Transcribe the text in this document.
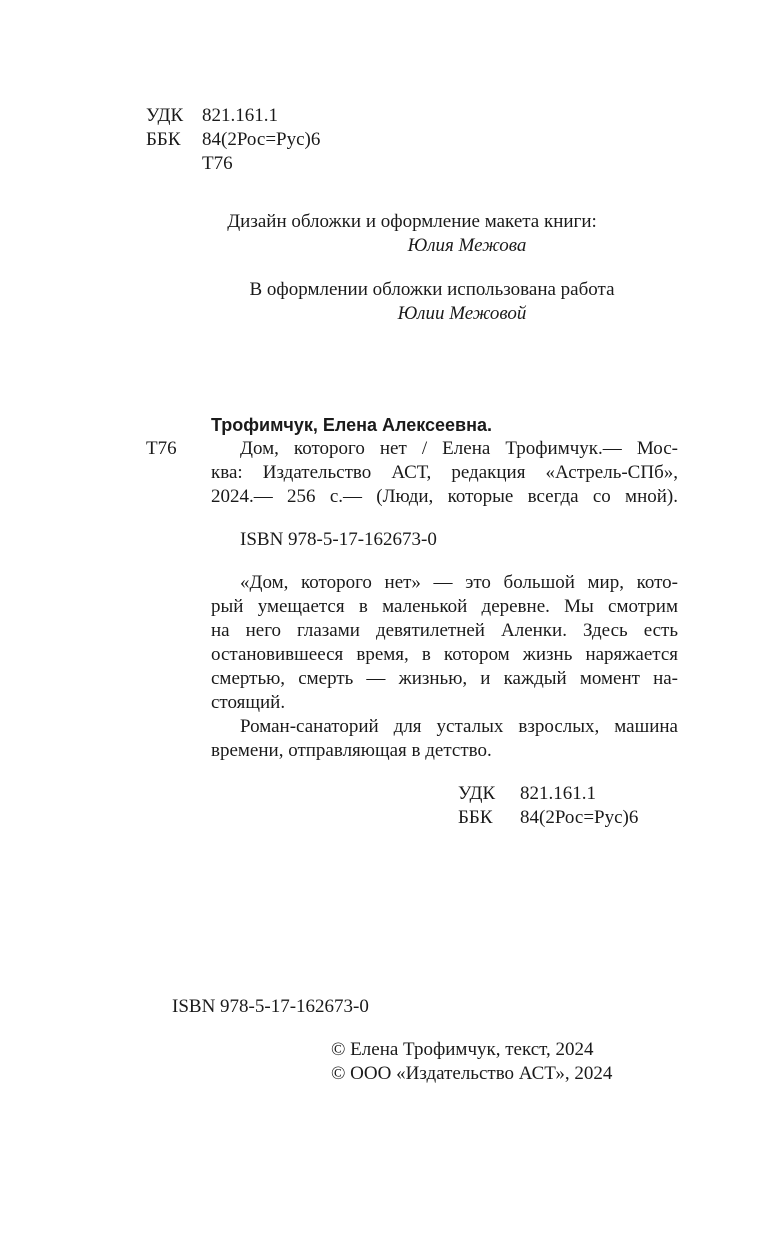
УДК 821.161.1
ББК 84(2Рос=Рус)6
Т76
Дизайн обложки и оформление макета книги:
Юлия Межова
В оформлении обложки использована работа
Юлии Межовой
Трофимчук, Елена Алексеевна.
Т76	Дом, которого нет / Елена Трофимчук.— Мос-
ква: Издательство АСТ, редакция «Астрель-СПб»,
2024.— 256 с.— (Люди, которые всегда со мной).
ISBN 978-5-17-162673-0
«Дом, которого нет» — это большой мир, кото-
рый умещается в маленькой деревне. Мы смотрим
на него глазами девятилетней Аленки. Здесь есть
остановившееся время, в котором жизнь наряжается
смертью, смерть — жизнью, и каждый момент на-
стоящий.
Роман-санаторий для усталых взрослых, машина
времени, отправляющая в детство.
УДК 821.161.1
ББК 84(2Рос=Рус)6
ISBN 978-5-17-162673-0
© Елена Трофимчук, текст, 2024
© ООО «Издательство АСТ», 2024
